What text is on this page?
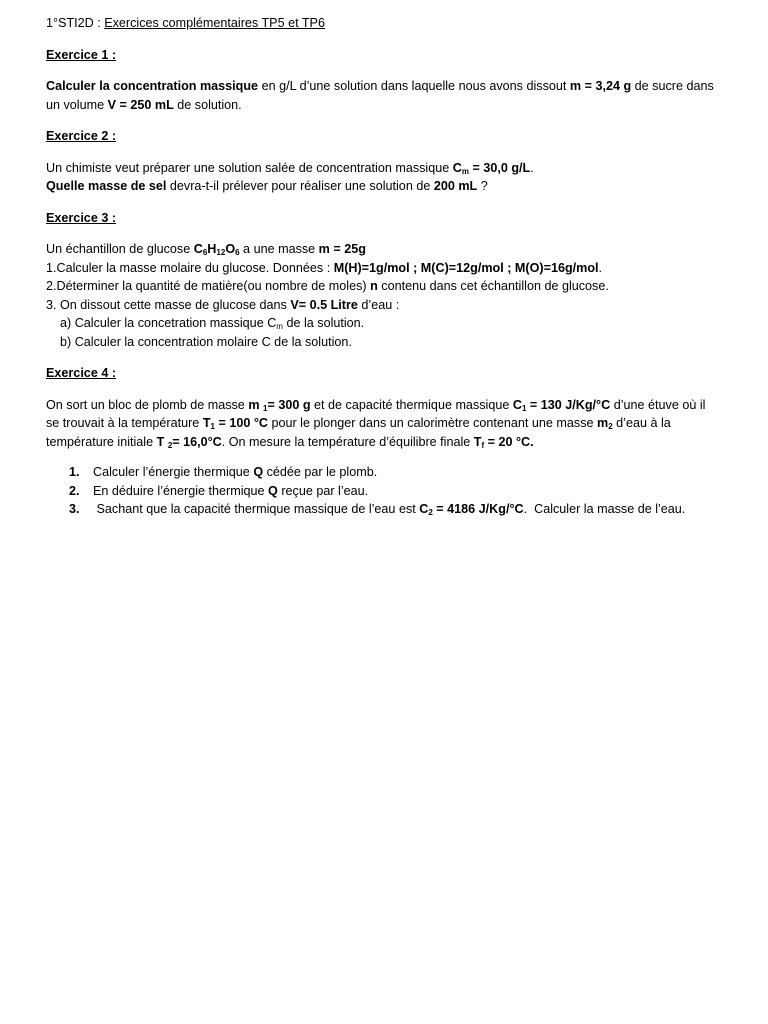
1°STI2D : Exercices complémentaires TP5 et TP6
Exercice 1 :
Calculer la concentration massique en g/L d’une solution dans laquelle nous avons dissout m = 3,24 g de sucre dans
un volume V = 250 mL de solution.
Exercice 2 :
Un chimiste veut préparer une solution salée de concentration massique $C_m = 30,0$ g/L.
Quelle masse de sel devra-t-il prélever pour réaliser une solution de 200 mL ?
Exercice 3 :
Un échantillon de glucose $C_6H_{12}O_6$ a une masse m = 25g
1.Calculer la masse molaire du glucose. Données : M(H)=1g/mol ; M(C)=12g/mol ; M(O)=16g/mol.
2.Déterminer la quantité de matière(ou nombre de moles) n contenu dans cet échantillon de glucose.
3. On dissout cette masse de glucose dans V= 0.5 Litre d’eau :
a) Calculer la concetration massique $C_m$ de la solution.
b) Calculer la concentration molaire C de la solution.
Exercice 4 :
On sort un bloc de plomb de masse m $_1$= 300 g et de capacité thermique massique $C_1 = 130$ J/Kg/°C d’une étuve où il
se trouvait à la température $T_1 = 100$ °C pour le plonger dans un calorimètre contenant une masse $m_2$ d’eau à la
température initiale T $_2$= 16,0°C. On mesure la température d’équilibre finale $T_f = 20$ °C.
1.	Calculer l’énergie thermique Q cédée par le plomb.
2.	En déduire l’énergie thermique Q reçue par l’eau.
3.	Sachant que la capacité thermique massique de l’eau est $C_2 = 4186$ J/Kg/°C.  Calculer la masse de l’eau.
